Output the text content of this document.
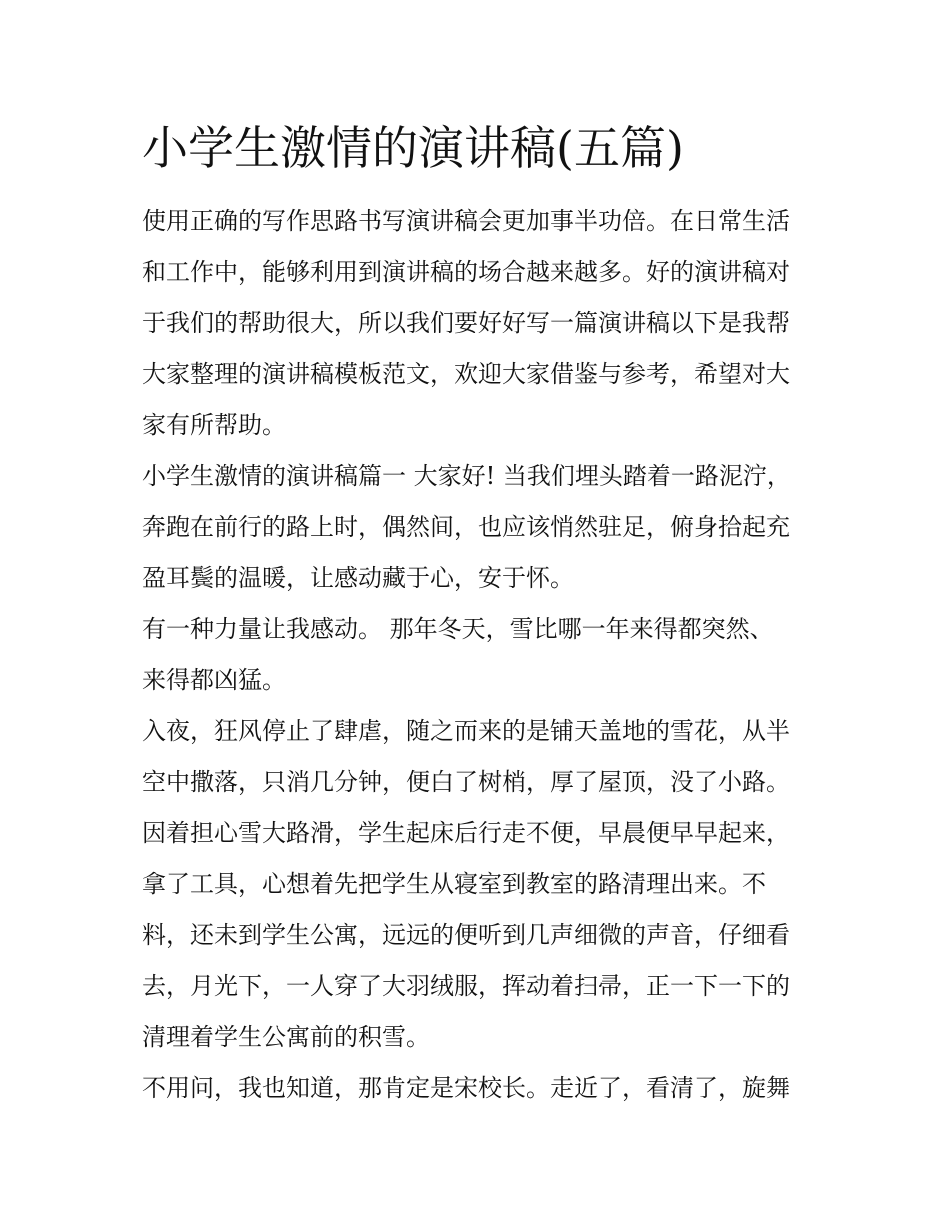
小学生激情的演讲稿(五篇)
使用正确的写作思路书写演讲稿会更加事半功倍。在日常生活
和工作中，能够利用到演讲稿的场合越来越多。好的演讲稿对
于我们的帮助很大，所以我们要好好写一篇演讲稿以下是我帮
大家整理的演讲稿模板范文，欢迎大家借鉴与参考，希望对大
家有所帮助。
小学生激情的演讲稿篇一 大家好! 当我们埋头踏着一路泥泞，
奔跑在前行的路上时，偶然间，也应该悄然驻足，俯身拾起充
盈耳鬓的温暖，让感动藏于心，安于怀。
有一种力量让我感动。 那年冬天，雪比哪一年来得都突然、
来得都凶猛。
入夜，狂风停止了肆虐，随之而来的是铺天盖地的雪花，从半
空中撒落，只消几分钟，便白了树梢，厚了屋顶，没了小路。
因着担心雪大路滑，学生起床后行走不便，早晨便早早起来，
拿了工具，心想着先把学生从寝室到教室的路清理出来。不
料，还未到学生公寓，远远的便听到几声细微的声音，仔细看
去，月光下，一人穿了大羽绒服，挥动着扫帚，正一下一下的
清理着学生公寓前的积雪。
不用问，我也知道，那肯定是宋校长。走近了，看清了，旋舞
